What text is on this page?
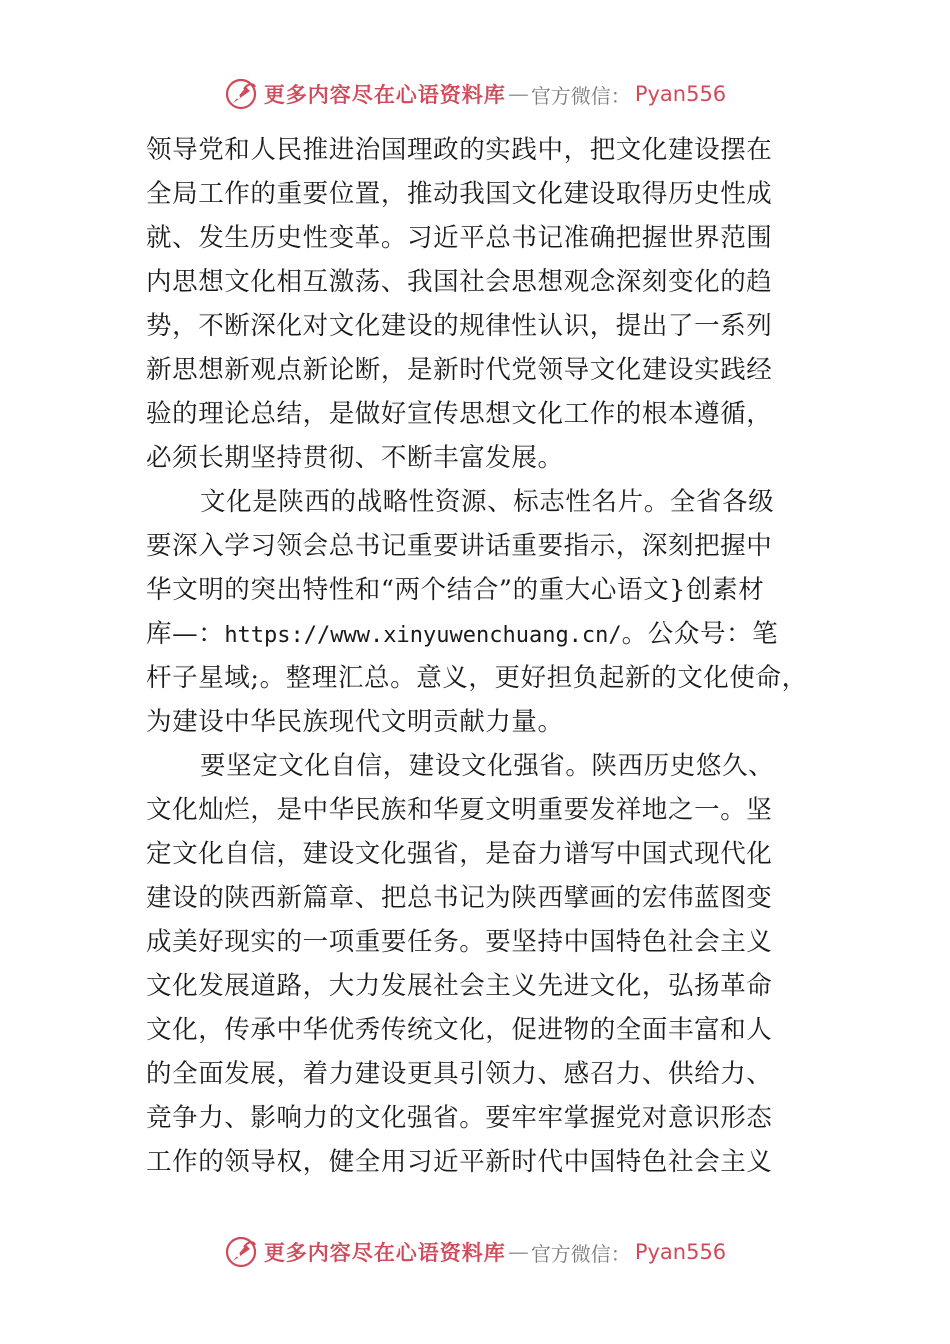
更多内容尽在心语资料库 — 官方微信： Pyan556
领导党和人民推进治国理政的实践中，把文化建设摆在
全局工作的重要位置，推动我国文化建设取得历史性成
就、发生历史性变革。习近平总书记准确把握世界范围
内思想文化相互激荡、我国社会思想观念深刻变化的趋
势，不断深化对文化建设的规律性认识，提出了一系列
新思想新观点新论断，是新时代党领导文化建设实践经
验的理论总结，是做好宣传思想文化工作的根本遵循，
必须长期坚持贯彻、不断丰富发展。
文化是陕西的战略性资源、标志性名片。全省各级
要深入学习领会总书记重要讲话重要指示，深刻把握中
华文明的突出特性和“两个结合”的重大心语文}创素材
库—：https://www.xinyuwenchuang.cn/。公众号：笔
杆子星域;。整理汇总。意义，更好担负起新的文化使命，
为建设中华民族现代文明贡献力量。
要坚定文化自信，建设文化强省。陕西历史悠久、
文化灿烂，是中华民族和华夏文明重要发祥地之一。坚
定文化自信，建设文化强省，是奋力谱写中国式现代化
建设的陕西新篇章、把总书记为陕西擘画的宏伟蓝图变
成美好现实的一项重要任务。要坚持中国特色社会主义
文化发展道路，大力发展社会主义先进文化，弘扬革命
文化，传承中华优秀传统文化，促进物的全面丰富和人
的全面发展，着力建设更具引领力、感召力、供给力、
竞争力、影响力的文化强省。要牢牢掌握党对意识形态
工作的领导权，健全用习近平新时代中国特色社会主义
更多内容尽在心语资料库 — 官方微信： Pyan556
